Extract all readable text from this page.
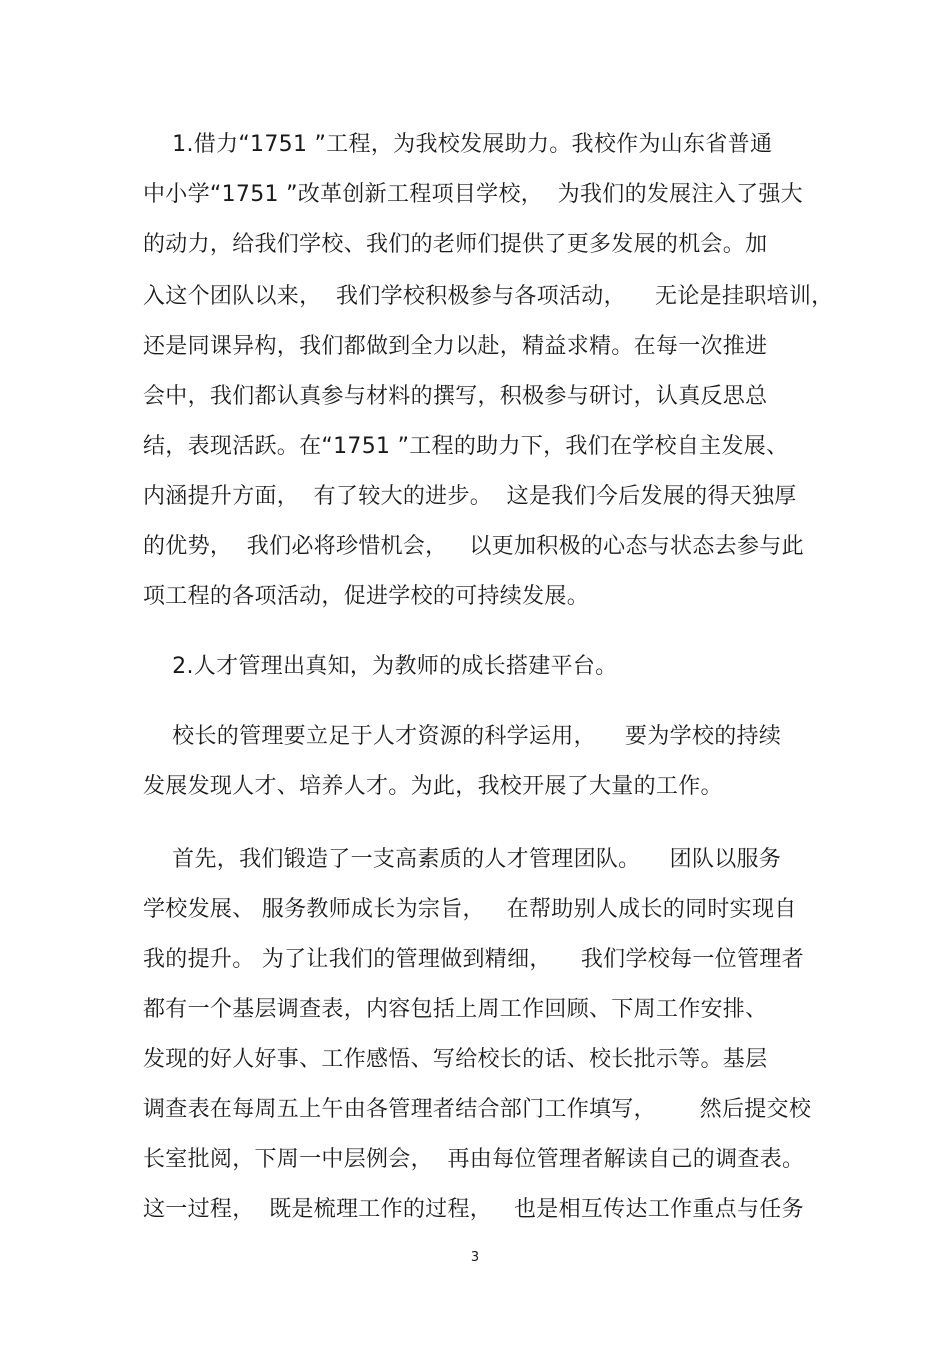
1.借力“1751 ”工程，为我校发展助力。我校作为山东省普通
中小学“1751 ”改革创新工程项目学校，  为我们的发展注入了强大
的动力，给我们学校、我们的老师们提供了更多发展的机会。加
入这个团队以来，  我们学校积极参与各项活动，    无论是挂职培训，
还是同课异构，我们都做到全力以赴，精益求精。在每一次推进
会中，我们都认真参与材料的撰写，积极参与研讨，认真反思总
结，表现活跃。在“1751 ”工程的助力下，我们在学校自主发展、
内涵提升方面，  有了较大的进步。  这是我们今后发展的得天独厚
的优势，  我们必将珍惜机会，   以更加积极的心态与状态去参与此
项工程的各项活动，促进学校的可持续发展。
2.人才管理出真知，为教师的成长搭建平台。
校长的管理要立足于人才资源的科学运用，    要为学校的持续
发展发现人才、培养人才。为此，我校开展了大量的工作。
首先，我们锻造了一支高素质的人才管理团队。    团队以服务
学校发展、 服务教师成长为宗旨，   在帮助别人成长的同时实现自
我的提升。 为了让我们的管理做到精细，    我们学校每一位管理者
都有一个基层调查表，内容包括上周工作回顾、下周工作安排、
发现的好人好事、工作感悟、写给校长的话、校长批示等。基层
调查表在每周五上午由各管理者结合部门工作填写，      然后提交校
长室批阅，下周一中层例会，  再由每位管理者解读自己的调查表。
这一过程，  既是梳理工作的过程，   也是相互传达工作重点与任务
3
